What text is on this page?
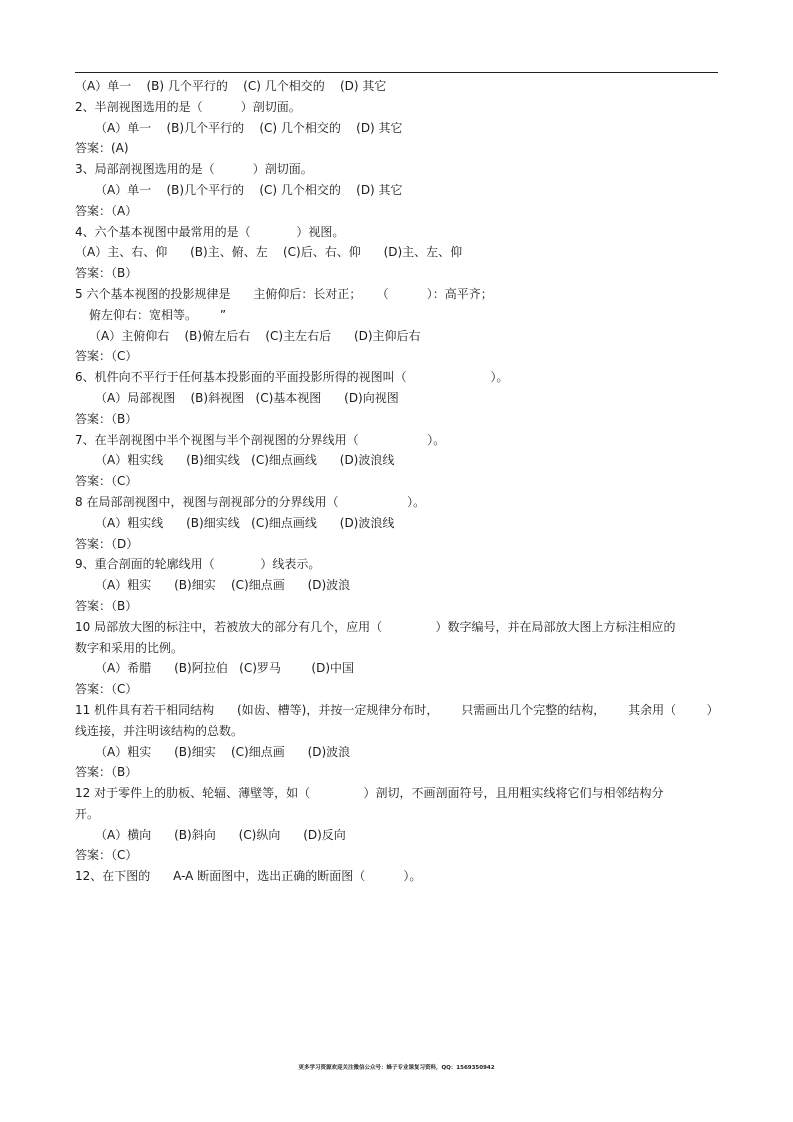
（A）单一    (B) 几个平行的    (C) 几个相交的    (D) 其它
2、半剖视图选用的是（          ）剖切面。
（A）单一    (B)几个平行的    (C) 几个相交的    (D) 其它
答案：(A)
3、局部剖视图选用的是（          ）剖切面。
（A）单一    (B)几个平行的    (C) 几个相交的    (D) 其它
答案：（A）
4、六个基本视图中最常用的是（            ）视图。
（A）主、右、仰      (B)主、俯、左    (C)后、右、仰      (D)主、左、仰
答案：（B）
5 六个基本视图的投影规律是      主俯仰后：长对正；    （          ）：高平齐；
俯左仰右：宽相等。      ”
（A）主俯仰右    (B)俯左后右    (C)主左右后      (D)主仰后右
答案：（C）
6、机件向不平行于任何基本投影面的平面投影所得的视图叫（                      ）。
（A）局部视图    (B)斜视图   (C)基本视图      (D)向视图
答案：（B）
7、在半剖视图中半个视图与半个剖视图的分界线用（                  ）。
（A）粗实线      (B)细实线   (C)细点画线      (D)波浪线
答案：（C）
8 在局部剖视图中，视图与剖视部分的分界线用（                  ）。
（A）粗实线      (B)细实线   (C)细点画线      (D)波浪线
答案：（D）
9、重合剖面的轮廓线用（            ）线表示。
（A）粗实      (B)细实    (C)细点画      (D)波浪
答案：（B）
10 局部放大图的标注中，若被放大的部分有几个，应用（              ）数字编号，并在局部放大图上方标注相应的
数字和采用的比例。
（A）希腊      (B)阿拉伯   (C)罗马        (D)中国
答案：（C）
11 机件具有若干相同结构      (如齿、槽等)，并按一定规律分布时，      只需画出几个完整的结构，      其余用（        ）
线连接，并注明该结构的总数。
（A）粗实      (B)细实    (C)细点画      (D)波浪
答案：（B）
12 对于零件上的肋板、轮辐、薄壁等，如（              ）剖切，不画剖面符号，且用粗实线将它们与相邻结构分
开。
（A）横向      (B)斜向      (C)纵向      (D)反向
答案：（C）
12、在下图的      A-A 断面图中，选出正确的断面图（          ）。
更多学习资源欢迎关注微信公众号：蜂子专业课复习资料，QQ：1569350942
